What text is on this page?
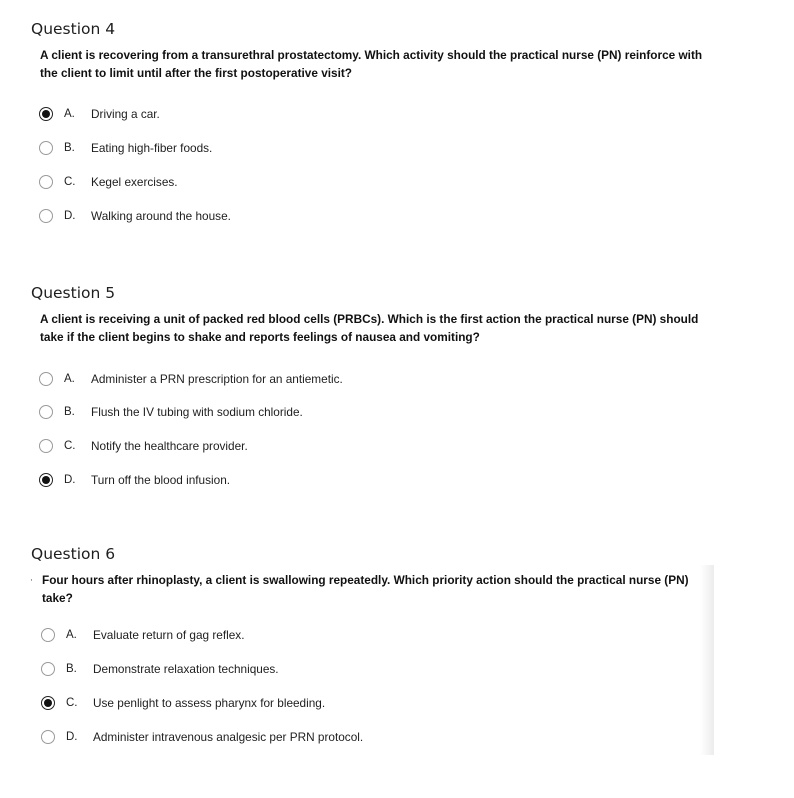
Question 4

A client is recovering from a transurethral prostatectomy. Which activity should the practical nurse (PN) reinforce with the client to limit until after the first postoperative visit?

A.	Driving a car.
B.	Eating high-fiber foods.
C.	Kegel exercises.
D.	Walking around the house.
Question 5

A client is receiving a unit of packed red blood cells (PRBCs). Which is the first action the practical nurse (PN) should take if the client begins to shake and reports feelings of nausea and vomiting?

A.	Administer a PRN prescription for an antiemetic.
B.	Flush the IV tubing with sodium chloride.
C.	Notify the healthcare provider.
D.	Turn off the blood infusion.
Question 6
· Four hours after rhinoplasty, a client is swallowing repeatedly. Which priority action should the practical nurse (PN) take?

A.	Evaluate return of gag reflex.
B.	Demonstrate relaxation techniques.
C.	Use penlight to assess pharynx for bleeding.
D.	Administer intravenous analgesic per PRN protocol.
